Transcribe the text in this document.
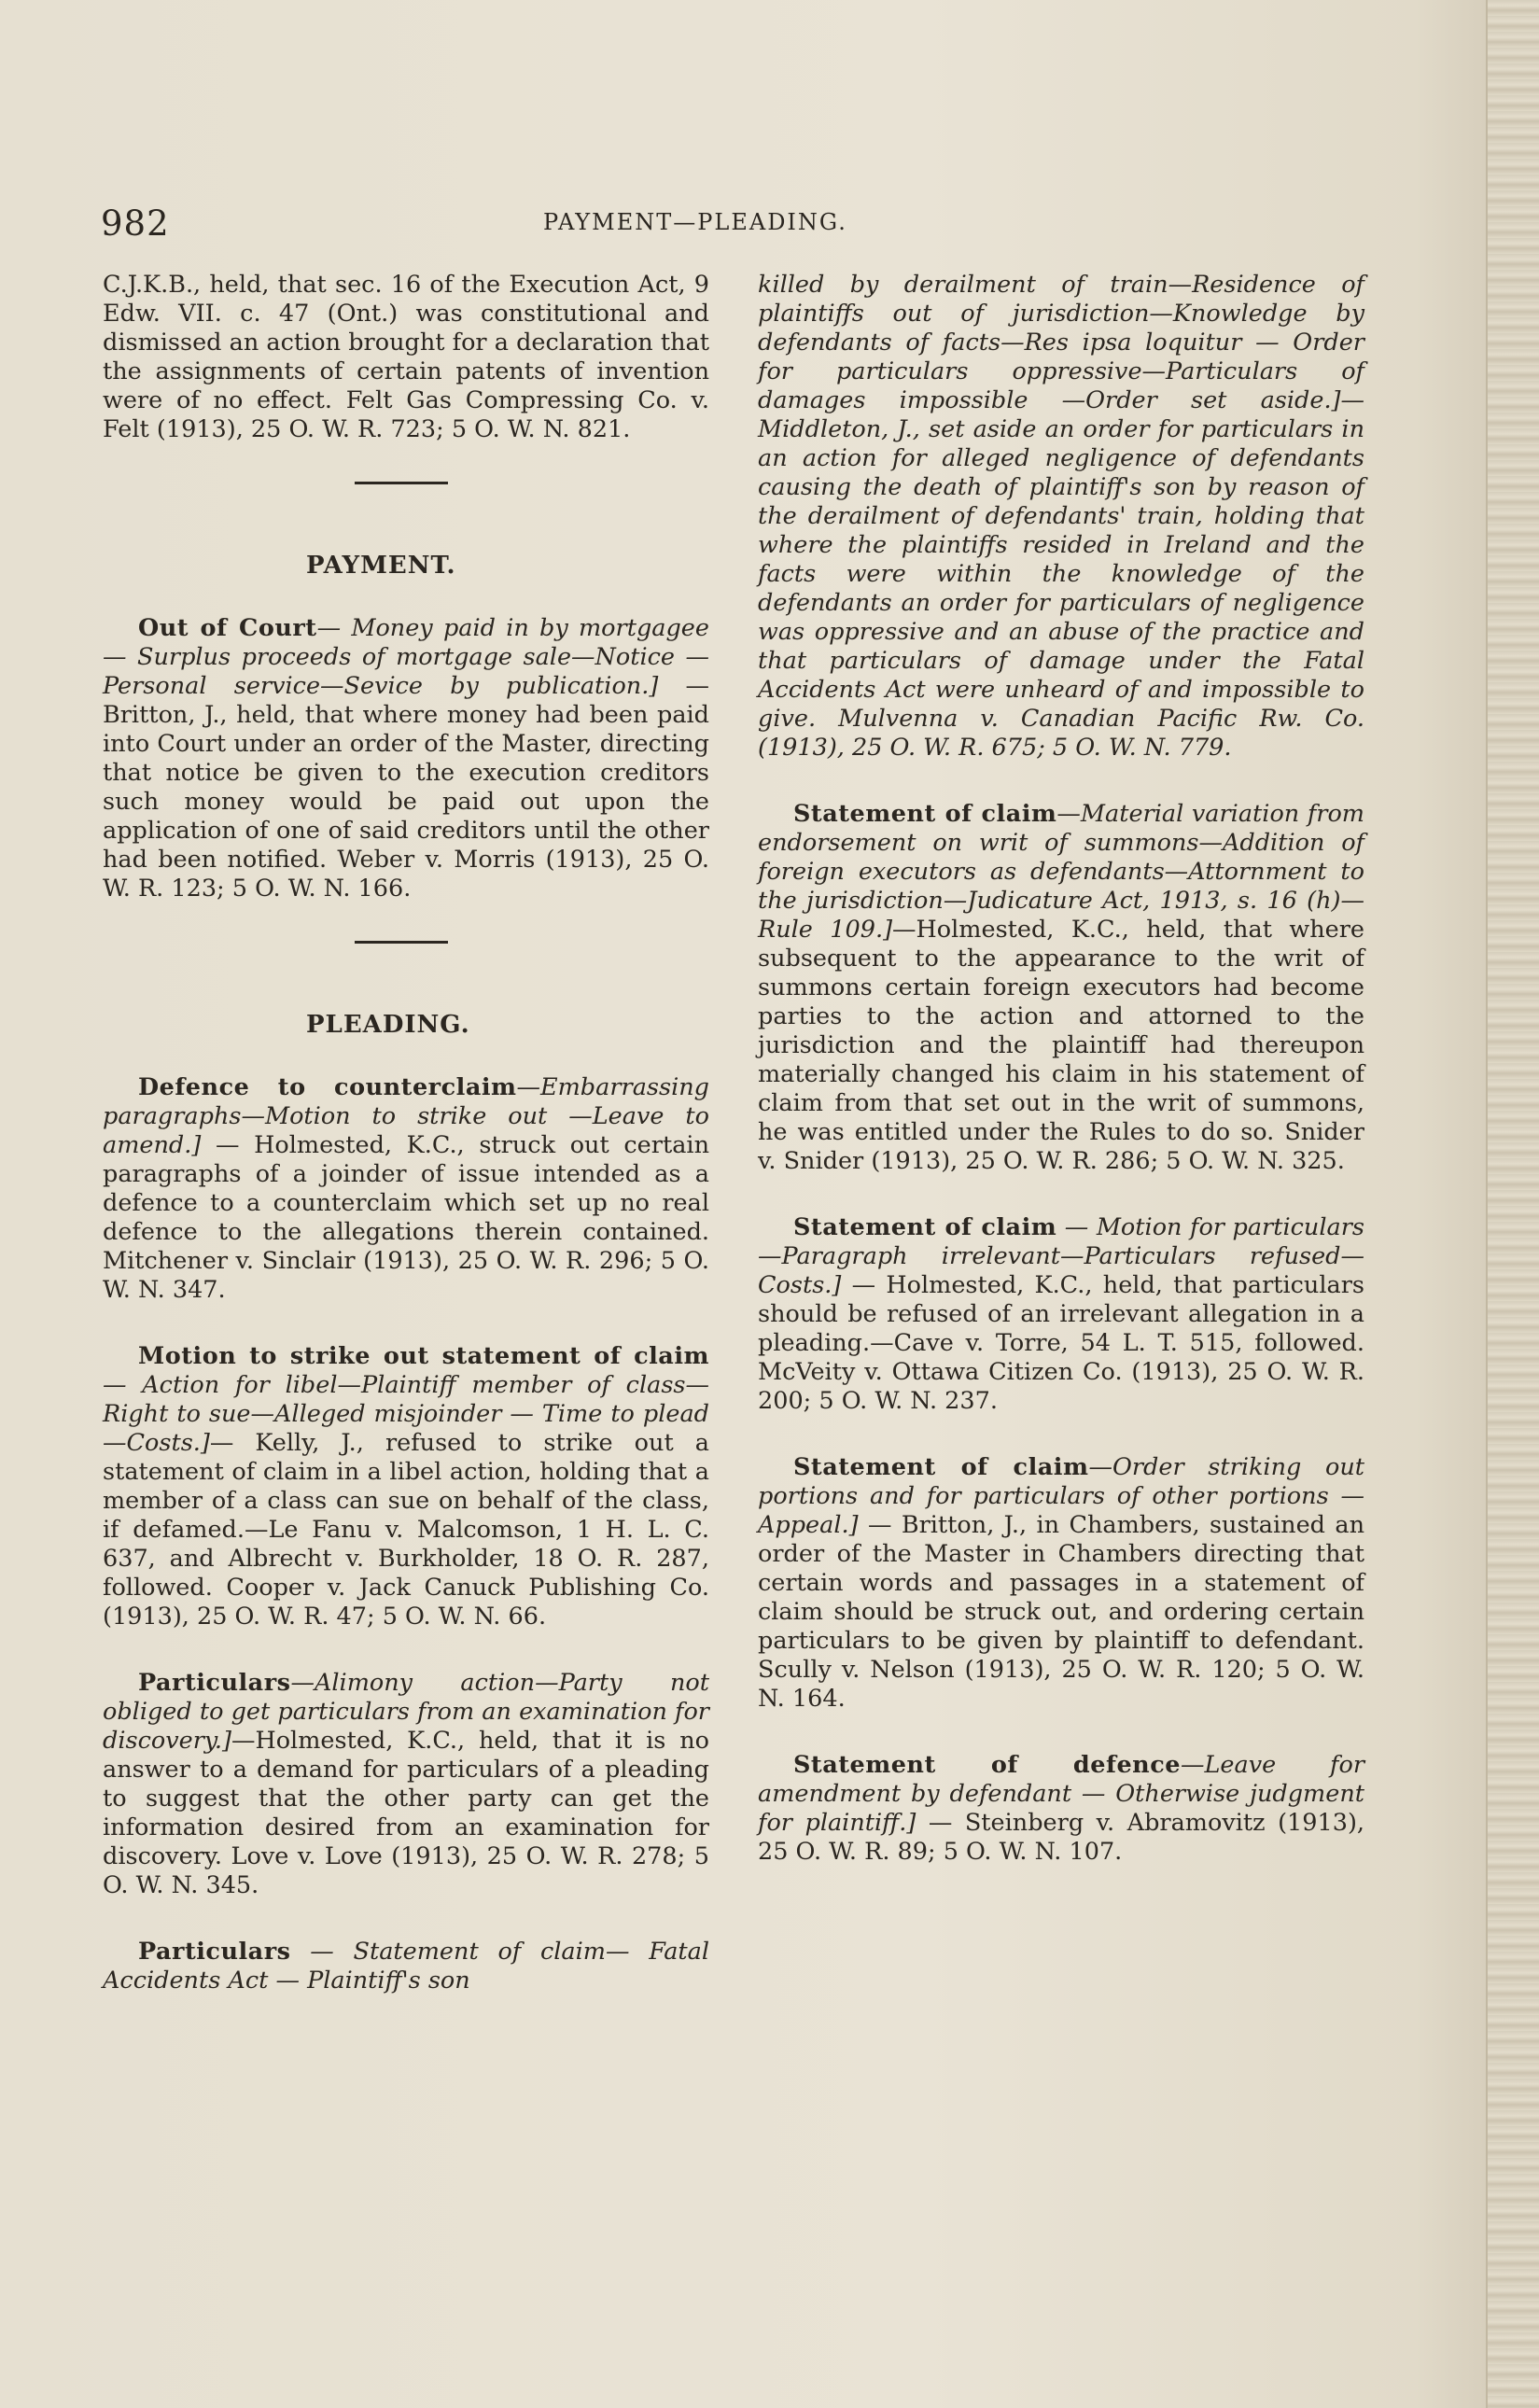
982	PAYMENT—PLEADING.

C.J.K.B., held, that sec. 16 of the Execution Act, 9 Edw. VII. c. 47 (Ont.) was constitutional and dismissed an action brought for a declaration that the assignments of certain patents of invention were of no effect. Felt Gas Compressing Co. v. Felt (1913), 25 O. W. R. 723; 5 O. W. N. 821.

PAYMENT.

Out of Court— Money paid in by mortgagee — Surplus proceeds of mortgage sale—Notice — Personal service—Sevice by publication.] — Britton, J., held, that where money had been paid into Court under an order of the Master, directing that notice be given to the execution creditors such money would be paid out upon the application of one of said creditors until the other had been notified. Weber v. Morris (1913), 25 O. W. R. 123; 5 O. W. N. 166.

PLEADING.

Defence to counterclaim—Embarrassing paragraphs—Motion to strike out —Leave to amend.] — Holmested, K.C., struck out certain paragraphs of a joinder of issue intended as a defence to a counterclaim which set up no real defence to the allegations therein contained. Mitchener v. Sinclair (1913), 25 O. W. R. 296; 5 O. W. N. 347.

Motion to strike out statement of claim — Action for libel—Plaintiff member of class—Right to sue—Alleged misjoinder — Time to plead—Costs.]— Kelly, J., refused to strike out a statement of claim in a libel action, holding that a member of a class can sue on behalf of the class, if defamed.—Le Fanu v. Malcomson, 1 H. L. C. 637, and Albrecht v. Burkholder, 18 O. R. 287, followed. Cooper v. Jack Canuck Publishing Co. (1913), 25 O. W. R. 47; 5 O. W. N. 66.

Particulars—Alimony action—Party not obliged to get particulars from an examination for discovery.]—Holmested, K.C., held, that it is no answer to a demand for particulars of a pleading to suggest that the other party can get the information desired from an examination for discovery. Love v. Love (1913), 25 O. W. R. 278; 5 O. W. N. 345.

Particulars — Statement of claim— Fatal Accidents Act — Plaintiff's son

killed by derailment of train—Residence of plaintiffs out of jurisdiction—Knowledge by defendants of facts—Res ipsa loquitur — Order for particulars oppressive—Particulars of damages impossible —Order set aside.]—Middleton, J., set aside an order for particulars in an action for alleged negligence of defendants causing the death of plaintiff's son by reason of the derailment of defendants' train, holding that where the plaintiffs resided in Ireland and the facts were within the knowledge of the defendants an order for particulars of negligence was oppressive and an abuse of the practice and that particulars of damage under the Fatal Accidents Act were unheard of and impossible to give. Mulvenna v. Canadian Pacific Rw. Co. (1913), 25 O. W. R. 675; 5 O. W. N. 779.

Statement of claim—Material variation from endorsement on writ of summons—Addition of foreign executors as defendants—Attornment to the jurisdiction—Judicature Act, 1913, s. 16 (h)— Rule 109.]—Holmested, K.C., held, that where subsequent to the appearance to the writ of summons certain foreign executors had become parties to the action and attorned to the jurisdiction and the plaintiff had thereupon materially changed his claim in his statement of claim from that set out in the writ of summons, he was entitled under the Rules to do so. Snider v. Snider (1913), 25 O. W. R. 286; 5 O. W. N. 325.

Statement of claim — Motion for particulars—Paragraph irrelevant—Particulars refused—Costs.] — Holmested, K.C., held, that particulars should be refused of an irrelevant allegation in a pleading.—Cave v. Torre, 54 L. T. 515, followed. McVeity v. Ottawa Citizen Co. (1913), 25 O. W. R. 200; 5 O. W. N. 237.

Statement of claim—Order striking out portions and for particulars of other portions — Appeal.] — Britton, J., in Chambers, sustained an order of the Master in Chambers directing that certain words and passages in a statement of claim should be struck out, and ordering certain particulars to be given by plaintiff to defendant. Scully v. Nelson (1913), 25 O. W. R. 120; 5 O. W. N. 164.

Statement of defence—Leave for amendment by defendant — Otherwise judgment for plaintiff.] — Steinberg v. Abramovitz (1913), 25 O. W. R. 89; 5 O. W. N. 107.
